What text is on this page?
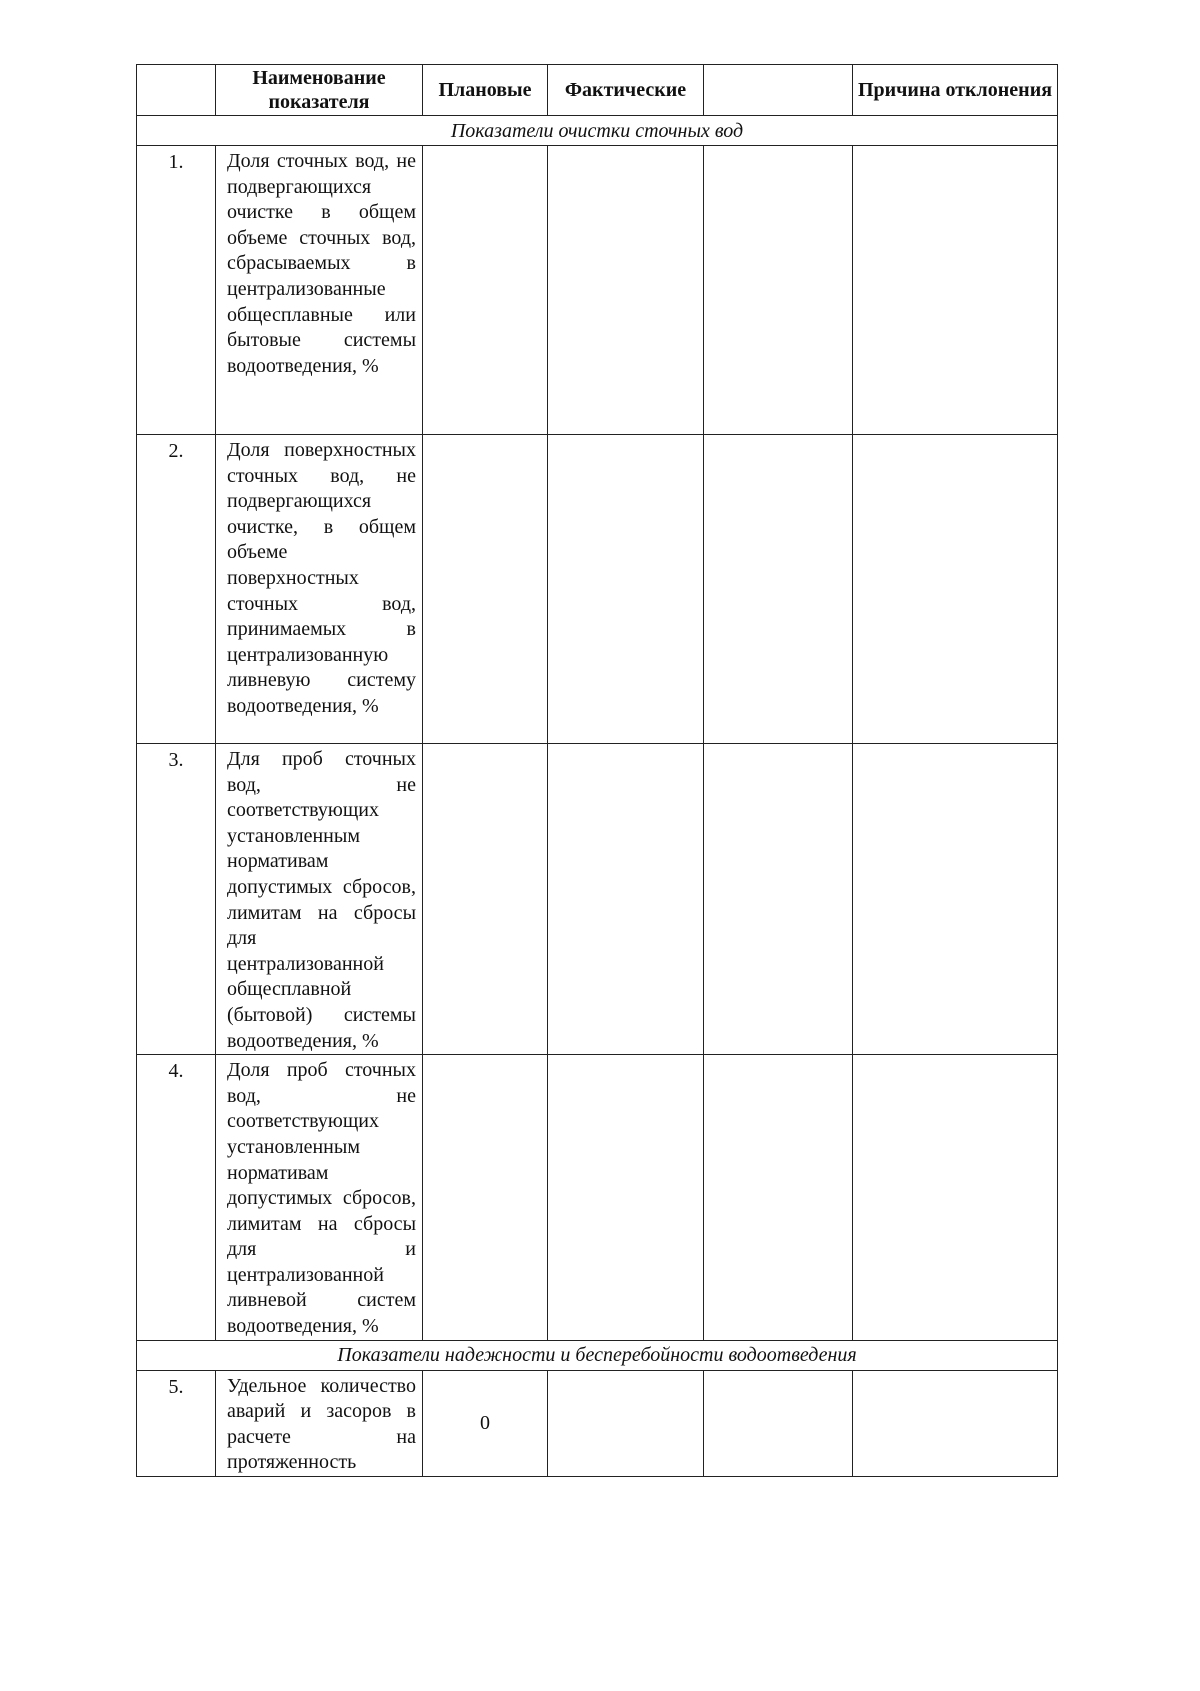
	Наименование показателя	Плановые	Фактические		Причина отклонения
Показатели очистки сточных вод					
1.	Доля сточных вод, не подвергающихся очистке в общем объеме сточных вод, сбрасываемых в централизованные общесплавные или бытовые системы водоотведения, %				
2.	Доля поверхностных сточных вод, не подвергающихся очистке, в общем объеме поверхностных сточных вод, принимаемых в централизованную ливневую систему водоотведения, %				
3.	Для проб сточных вод, не соответствующих установленным нормативам допустимых сбросов, лимитам на сбросы для централизованной общесплавной (бытовой) системы водоотведения, %				
4.	Доля проб сточных вод, не соответствующих установленным нормативам допустимых сбросов, лимитам на сбросы для и централизованной ливневой систем водоотведения, %				
Показатели надежности и бесперебойности водоотведения					
5.	Удельное количество аварий и засоров в расчете на протяженность	0			
